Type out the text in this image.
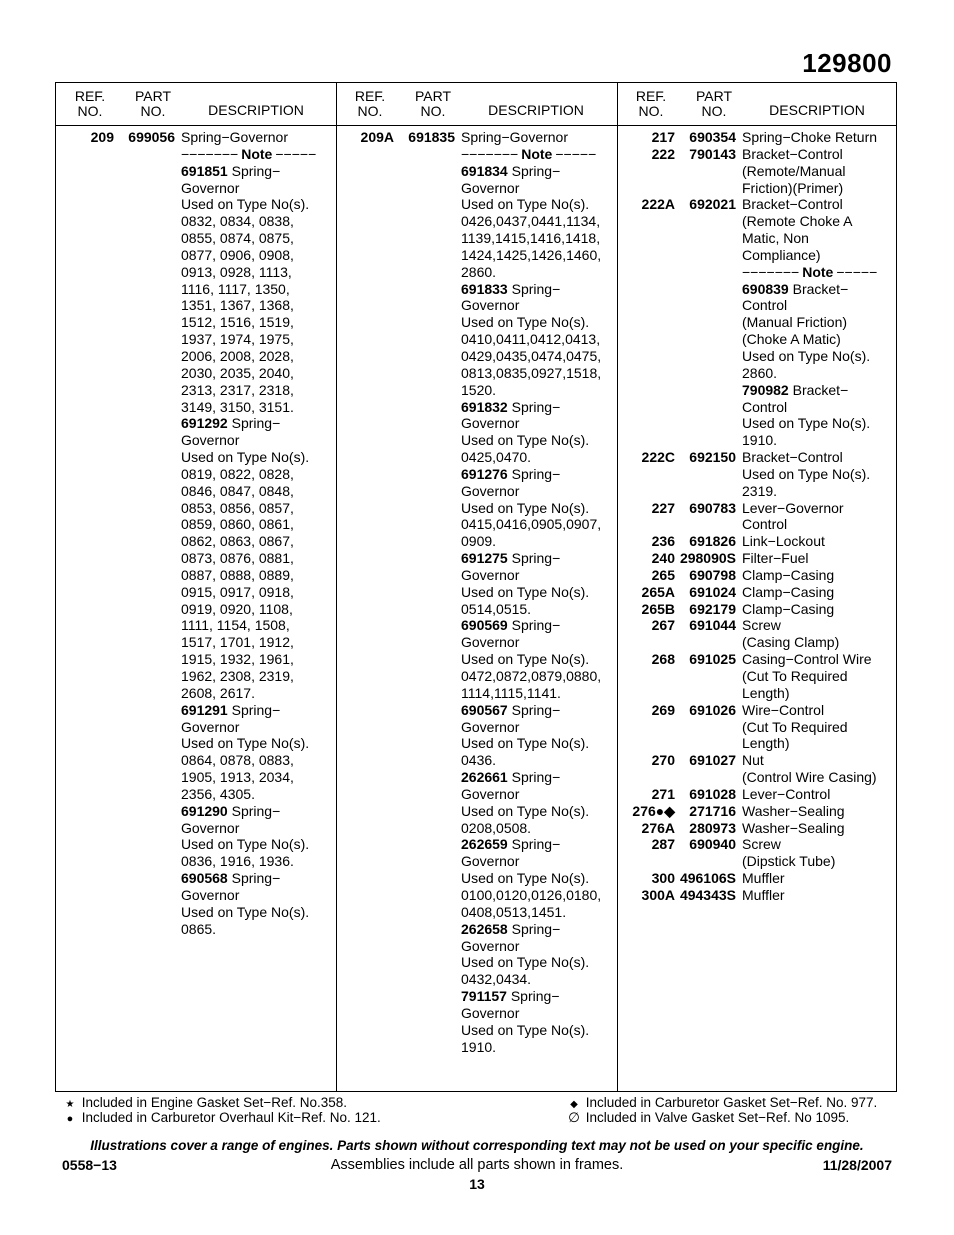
129800
REF.
NO.
PART
NO.	DESCRIPTION
209	699056 Spring−Governor
−−−−−−− Note −−−−−
691851 Spring−
Governor
Used on Type No(s).
0832, 0834, 0838,
0855, 0874, 0875,
0877, 0906, 0908,
0913, 0928, 1113,
1116, 1117, 1350,
1351, 1367, 1368,
1512, 1516, 1519,
1937, 1974, 1975,
2006, 2008, 2028,
2030, 2035, 2040,
2313, 2317, 2318,
3149, 3150, 3151.
691292 Spring−
Governor
Used on Type No(s).
0819, 0822, 0828,
0846, 0847, 0848,
0853, 0856, 0857,
0859, 0860, 0861,
0862, 0863, 0867,
0873, 0876, 0881,
0887, 0888, 0889,
0915, 0917, 0918,
0919, 0920, 1108,
1111, 1154, 1508,
1517, 1701, 1912,
1915, 1932, 1961,
1962, 2308, 2319,
2608, 2617.
691291 Spring−
Governor
Used on Type No(s).
0864, 0878, 0883,
1905, 1913, 2034,
2356, 4305.
691290 Spring−
Governor
Used on Type No(s).
0836, 1916, 1936.
690568 Spring−
Governor
Used on Type No(s).
0865.
REF.
NO.
PART
NO.	DESCRIPTION
209A	691835 Spring−Governor
−−−−−−− Note −−−−−
691834 Spring−
Governor
Used on Type No(s).
0426,0437,0441,1134,
1139,1415,1416,1418,
1424,1425,1426,1460,
2860.
691833 Spring−
Governor
Used on Type No(s).
0410,0411,0412,0413,
0429,0435,0474,0475,
0813,0835,0927,1518,
1520.
691832 Spring−
Governor
Used on Type No(s).
0425,0470.
691276 Spring−
Governor
Used on Type No(s).
0415,0416,0905,0907,
0909.
691275 Spring−
Governor
Used on Type No(s).
0514,0515.
690569 Spring−
Governor
Used on Type No(s).
0472,0872,0879,0880,
1114,1115,1141.
690567 Spring−
Governor
Used on Type No(s).
0436.
262661 Spring−
Governor
Used on Type No(s).
0208,0508.
262659 Spring−
Governor
Used on Type No(s).
0100,0120,0126,0180,
0408,0513,1451.
262658 Spring−
Governor
Used on Type No(s).
0432,0434.
791157 Spring−
Governor
Used on Type No(s).
1910.
REF.
NO.
PART
NO.	DESCRIPTION
217	690354 Spring−Choke Return
222	790143 Bracket−Control
(Remote/Manual
Friction)(Primer)
222A	692021 Bracket−Control
(Remote Choke A
Matic, Non
Compliance)
−−−−−−− Note −−−−−
690839 Bracket−
Control
(Manual Friction)
(Choke A Matic)
Used on Type No(s).
2860.
790982 Bracket−
Control
Used on Type No(s).
1910.
222C	692150 Bracket−Control
Used on Type No(s).
2319.
227	690783 Lever−Governor
Control
236	691826 Link−Lockout
240 298090S Filter−Fuel
265	690798 Clamp−Casing
265A	691024 Clamp−Casing
265B	692179 Clamp−Casing
267	691044 Screw
(Casing Clamp)
268	691025 Casing−Control Wire
(Cut To Required
Length)
269	691026 Wire−Control
(Cut To Required
Length)
270	691027 Nut
(Control Wire Casing)
271	691028 Lever−Control
276●◆	271716 Washer−Sealing
276A	280973 Washer−Sealing
287	690940 Screw
(Dipstick Tube)
300 496106S Muffler
300A 494343S Muffler
★ Included in Engine Gasket Set−Ref. No.358.
● Included in Carburetor Overhaul Kit−Ref. No. 121.
◆ Included in Carburetor Gasket Set−Ref. No. 977.
∅ Included in Valve Gasket Set−Ref. No 1095.
Illustrations cover a range of engines. Parts shown without corresponding text may not be used on your specific engine.
0558−13	Assemblies include all parts shown in frames.	11/28/2007
13
